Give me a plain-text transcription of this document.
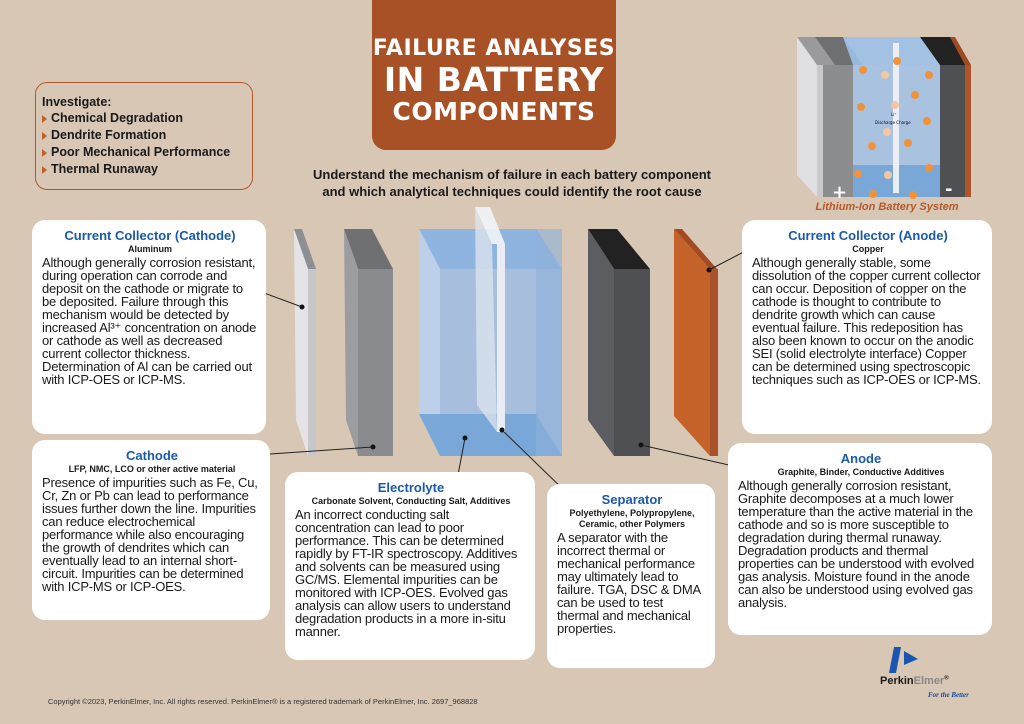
FAILURE ANALYSES
IN BATTERY
COMPONENTS
Investigate:
Chemical Degradation
Dendrite Formation
Poor Mechanical Performance
Thermal Runaway	Understand the mechanism of failure in each battery component
and which analytical techniques could identify the root cause
Li⁺
Discharge Charge
+	-
Lithium-Ion Battery System
Current Collector (Cathode)
Aluminum
Although generally corrosion resistant, during operation can corrode and deposit on the cathode or migrate to be deposited. Failure through this mechanism would be detected by increased Al³⁺ concentration on anode or cathode as well as decreased current collector thickness. Determination of Al can be carried out with ICP-OES or ICP-MS.
Cathode
LFP, NMC, LCO or other active material
Presence of impurities such as Fe, Cu, Cr, Zn or Pb can lead to performance issues further down the line. Impurities can reduce electrochemical performance while also encouraging the growth of dendrites which can eventually lead to an internal short-circuit. Impurities can be determined with ICP-MS or ICP-OES.
Electrolyte
Carbonate Solvent, Conducting Salt, Additives
An incorrect conducting salt concentration can lead to poor performance. This can be determined rapidly by FT-IR spectroscopy. Additives and solvents can be measured using GC/MS. Elemental impurities can be monitored with ICP-OES. Evolved gas analysis can allow users to understand degradation products in a more in-situ manner.
Separator
Polyethylene, Polypropylene, Ceramic, other Polymers
A separator with the incorrect thermal or mechanical performance may ultimately lead to failure. TGA, DSC & DMA can be used to test thermal and mechanical properties.
Current Collector (Anode)
Copper
Although generally stable, some dissolution of the copper current collector can occur. Deposition of copper on the cathode is thought to contribute to dendrite growth which can cause eventual failure. This redeposition has also been known to occur on the anodic SEI (solid electrolyte interface) Copper can be determined using spectroscopic techniques such as ICP-OES or ICP-MS.
Anode
Graphite, Binder, Conductive Additives
Although generally corrosion resistant, Graphite decomposes at a much lower temperature than the active material in the cathode and so is more susceptible to degradation during thermal runaway. Degradation products and thermal properties can be understood with evolved gas analysis. Moisture found in the anode can also be understood using evolved gas analysis.
Copyright ©2023, PerkinElmer, Inc. All rights reserved. PerkinElmer® is a registered trademark of PerkinElmer, Inc. 2697_968828
PerkinElmer®
For the Better
